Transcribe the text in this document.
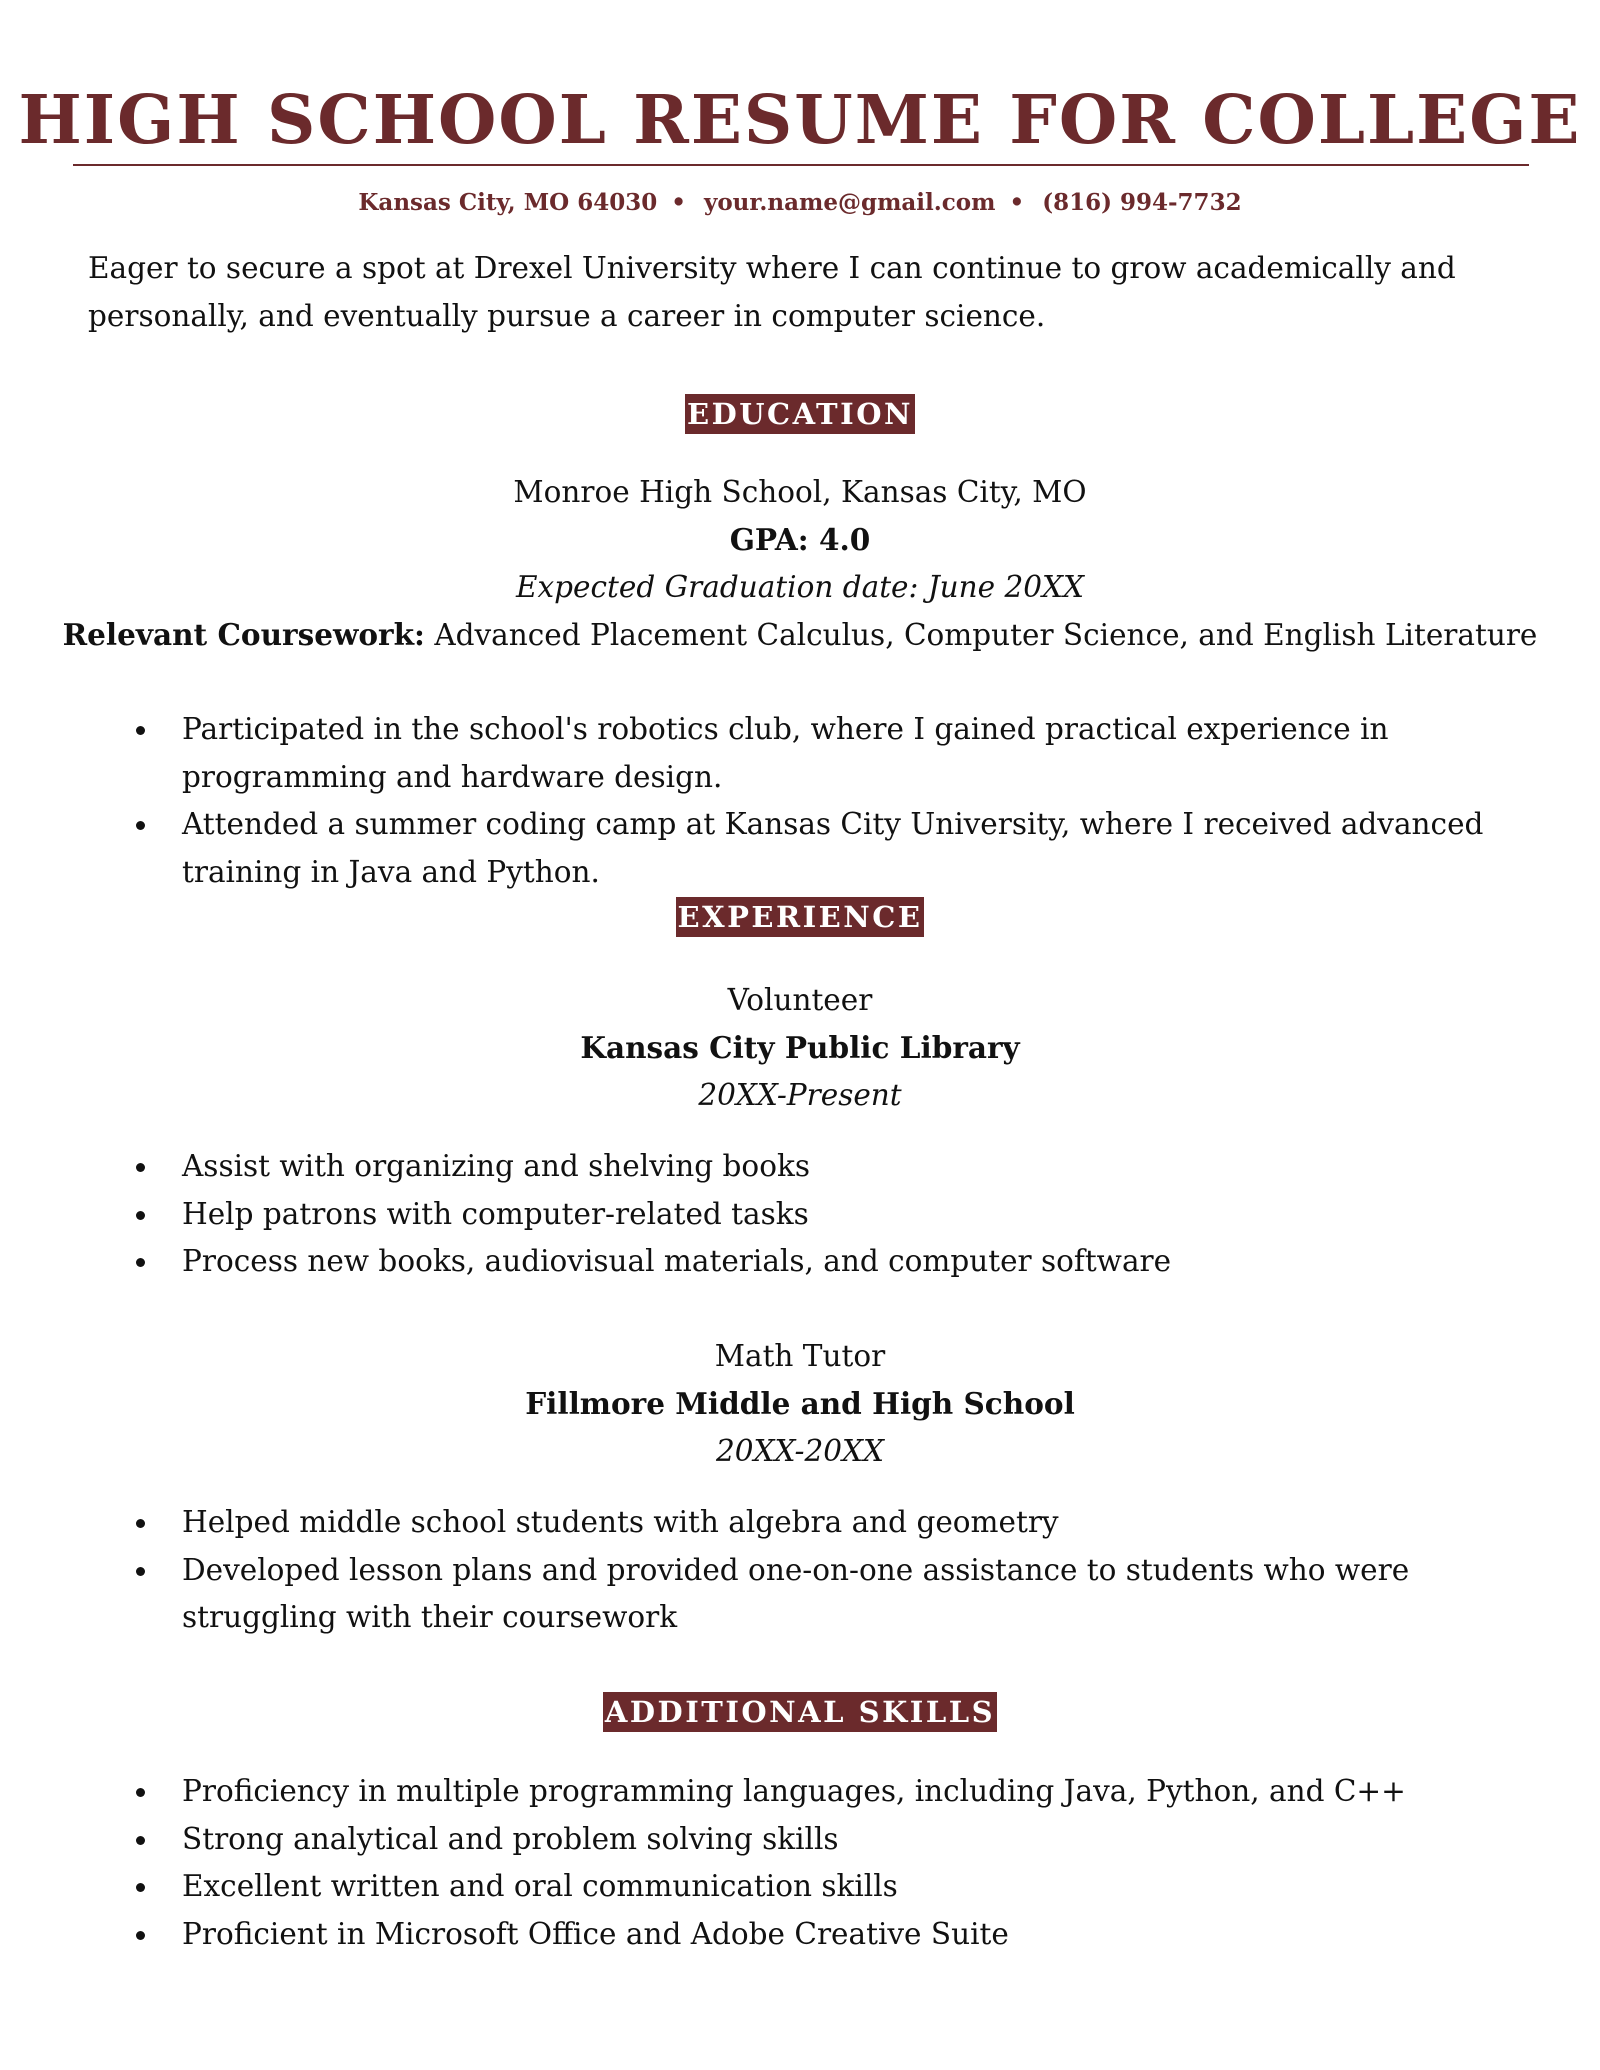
HIGH SCHOOL RESUME FOR COLLEGE
Kansas City, MO 64030 • your.name@gmail.com • (816) 994-7732

Eager to secure a spot at Drexel University where I can continue to grow academically and personally, and eventually pursue a career in computer science.

EDUCATION

Monroe High School, Kansas City, MO

GPA: 4.0

Expected Graduation date: June 20XX

Relevant Coursework: Advanced Placement Calculus, Computer Science, and English Literature

Participated in the school's robotics club, where I gained practical experience in programming and hardware design.
Attended a summer coding camp at Kansas City University, where I received advanced training in Java and Python.
EXPERIENCE

Volunteer

Kansas City Public Library

20XX-Present

Assist with organizing and shelving books
Help patrons with computer-related tasks
Process new books, audiovisual materials, and computer software

Math Tutor

Fillmore Middle and High School

20XX-20XX

Helped middle school students with algebra and geometry
Developed lesson plans and provided one-on-one assistance to students who were struggling with their coursework
ADDITIONAL SKILLS
Proficiency in multiple programming languages, including Java, Python, and C++
Strong analytical and problem solving skills
Excellent written and oral communication skills
Proficient in Microsoft Office and Adobe Creative Suite
